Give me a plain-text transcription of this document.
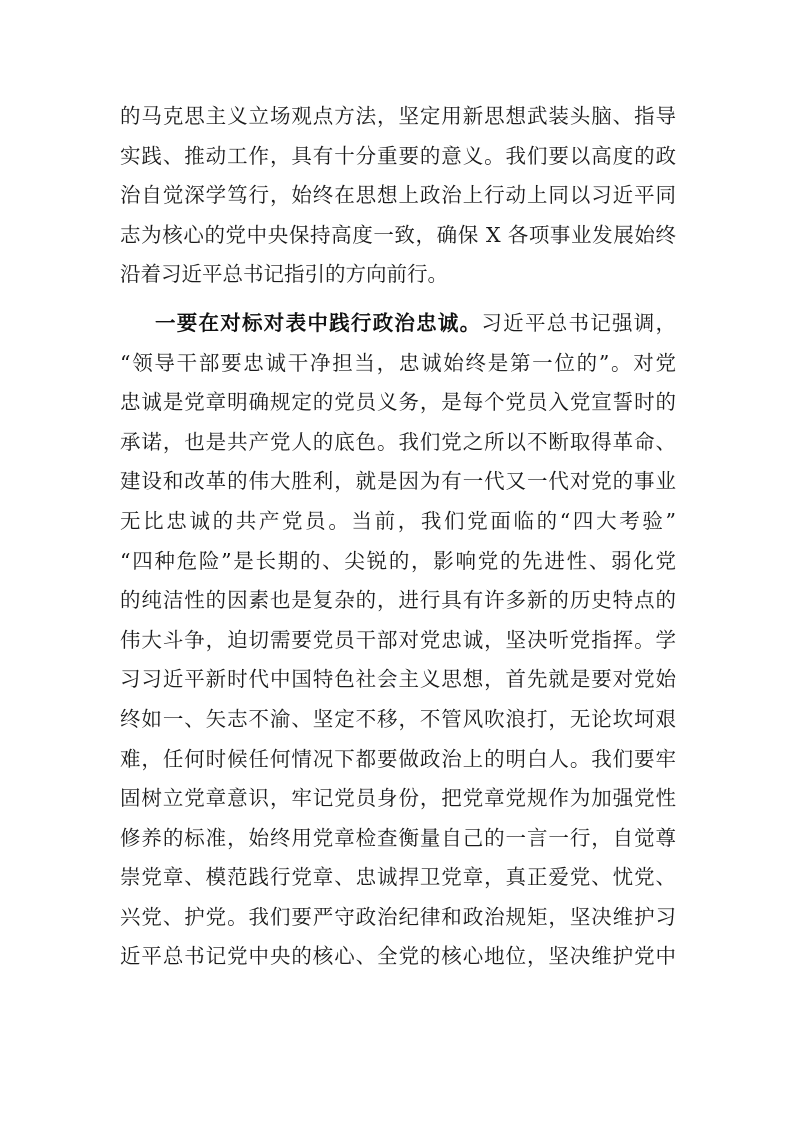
的马克思主义立场观点方法，坚定用新思想武装头脑、指导
实践、推动工作，具有十分重要的意义。我们要以高度的政
治自觉深学笃行，始终在思想上政治上行动上同以习近平同
志为核心的党中央保持高度一致，确保 X 各项事业发展始终
沿着习近平总书记指引的方向前行。
一要在对标对表中践行政治忠诚。习近平总书记强调，
“领导干部要忠诚干净担当，忠诚始终是第一位的”。对党
忠诚是党章明确规定的党员义务，是每个党员入党宣誓时的
承诺，也是共产党人的底色。我们党之所以不断取得革命、
建设和改革的伟大胜利，就是因为有一代又一代对党的事业
无比忠诚的共产党员。当前，我们党面临的“四大考验”
“四种危险”是长期的、尖锐的，影响党的先进性、弱化党
的纯洁性的因素也是复杂的，进行具有许多新的历史特点的
伟大斗争，迫切需要党员干部对党忠诚，坚决听党指挥。学
习习近平新时代中国特色社会主义思想，首先就是要对党始
终如一、矢志不渝、坚定不移，不管风吹浪打，无论坎坷艰
难，任何时候任何情况下都要做政治上的明白人。我们要牢
固树立党章意识，牢记党员身份，把党章党规作为加强党性
修养的标准，始终用党章检查衡量自己的一言一行，自觉尊
崇党章、模范践行党章、忠诚捍卫党章，真正爱党、忧党、
兴党、护党。我们要严守政治纪律和政治规矩，坚决维护习
近平总书记党中央的核心、全党的核心地位，坚决维护党中
